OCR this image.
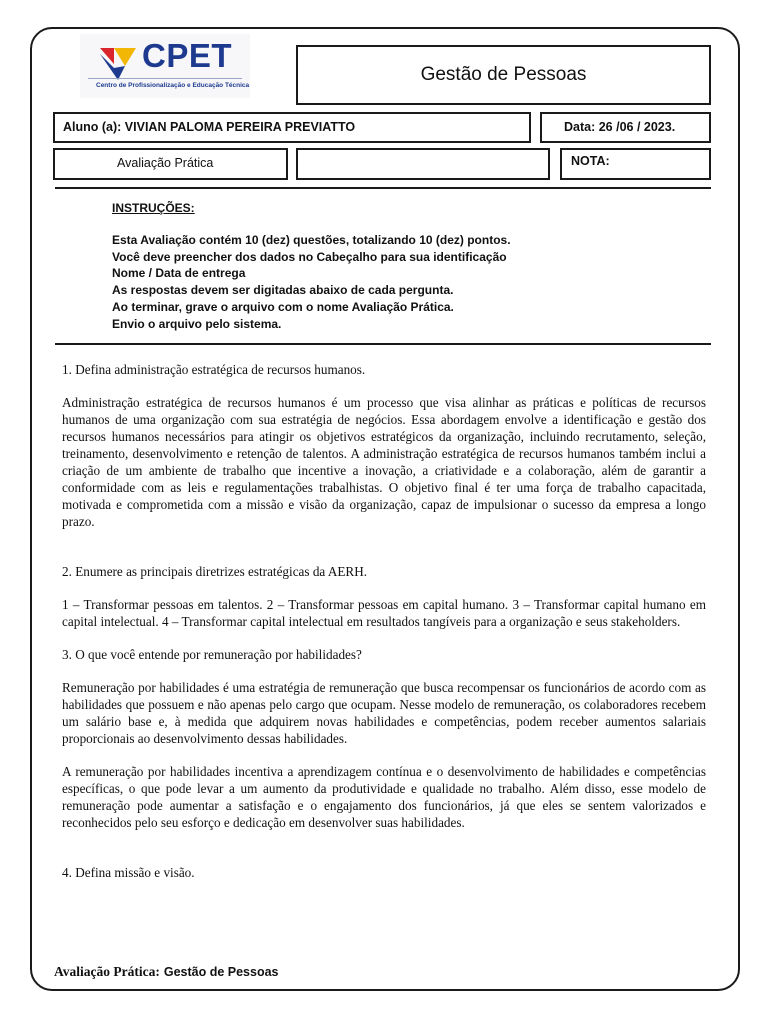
CPET
Centro de Profissionalização e Educação Técnica
Gestão de Pessoas
Aluno (a): VIVIAN PALOMA PEREIRA PREVIATTO	Data: 26 /06 / 2023.
Avaliação Prática	NOTA:
INSTRUÇÕES:
Esta Avaliação contém 10 (dez) questões, totalizando 10 (dez) pontos.
Você deve preencher dos dados no Cabeçalho para sua identificação
Nome / Data de entrega
As respostas devem ser digitadas abaixo de cada pergunta.
Ao terminar, grave o arquivo com o nome Avaliação Prática.
Envio o arquivo pelo sistema.

1. Defina administração estratégica de recursos humanos.

Administração estratégica de recursos humanos é um processo que visa alinhar as práticas e políticas de recursos humanos de uma organização com sua estratégia de negócios. Essa abordagem envolve a identificação e gestão dos recursos humanos necessários para atingir os objetivos estratégicos da organização, incluindo recrutamento, seleção, treinamento, desenvolvimento e retenção de talentos. A administração estratégica de recursos humanos também inclui a criação de um ambiente de trabalho que incentive a inovação, a criatividade e a colaboração, além de garantir a conformidade com as leis e regulamentações trabalhistas. O objetivo final é ter uma força de trabalho capacitada, motivada e comprometida com a missão e visão da organização, capaz de impulsionar o sucesso da empresa a longo prazo.

2. Enumere as principais diretrizes estratégicas da AERH.

1 – Transformar pessoas em talentos. 2 – Transformar pessoas em capital humano. 3 – Transformar capital humano em capital intelectual. 4 – Transformar capital intelectual em resultados tangíveis para a organização e seus stakeholders.

3. O que você entende por remuneração por habilidades?

Remuneração por habilidades é uma estratégia de remuneração que busca recompensar os funcionários de acordo com as habilidades que possuem e não apenas pelo cargo que ocupam. Nesse modelo de remuneração, os colaboradores recebem um salário base e, à medida que adquirem novas habilidades e competências, podem receber aumentos salariais proporcionais ao desenvolvimento dessas habilidades.

A remuneração por habilidades incentiva a aprendizagem contínua e o desenvolvimento de habilidades e competências específicas, o que pode levar a um aumento da produtividade e qualidade no trabalho. Além disso, esse modelo de remuneração pode aumentar a satisfação e o engajamento dos funcionários, já que eles se sentem valorizados e reconhecidos pelo seu esforço e dedicação em desenvolver suas habilidades.

4. Defina missão e visão.

Avaliação Prática: Gestão de Pessoas
